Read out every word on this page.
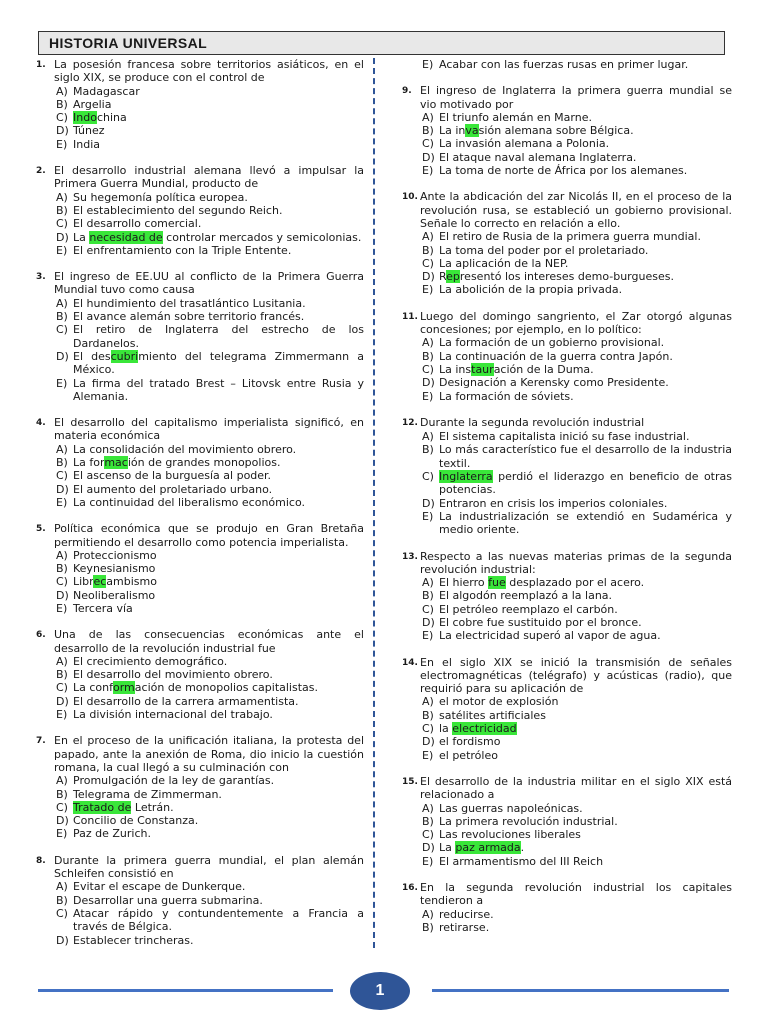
HISTORIA UNIVERSAL
1. La posesión francesa sobre territorios asiáticos, en el siglo XIX, se produce con el control de
A) Madagascar
B) Argelia
C) Indochina
D) Túnez
E) India
2. El desarrollo industrial alemana llevó a impulsar la Primera Guerra Mundial, producto de
A) Su hegemonía política europea.
B) El establecimiento del segundo Reich.
C) El desarrollo comercial.
D) La necesidad de controlar mercados y semicolonias.
E) El enfrentamiento con la Triple Entente.
3. El ingreso de EE.UU al conflicto de la Primera Guerra Mundial tuvo como causa
A) El hundimiento del trasatlántico Lusitania.
B) El avance alemán sobre territorio francés.
C) El retiro de Inglaterra del estrecho de los Dardanelos.
D) El descubrimiento del telegrama Zimmermann a México.
E) La firma del tratado Brest – Litovsk entre Rusia y Alemania.
4. El desarrollo del capitalismo imperialista significó, en materia económica
A) La consolidación del movimiento obrero.
B) La formación de grandes monopolios.
C) El ascenso de la burguesía al poder.
D) El aumento del proletariado urbano.
E) La continuidad del liberalismo económico.
5. Política económica que se produjo en Gran Bretaña permitiendo el desarrollo como potencia imperialista.
A) Proteccionismo
B) Keynesianismo
C) Librecambismo
D) Neoliberalismo
E) Tercera vía
6. Una de las consecuencias económicas ante el desarrollo de la revolución industrial fue
A) El crecimiento demográfico.
B) El desarrollo del movimiento obrero.
C) La conformación de monopolios capitalistas.
D) El desarrollo de la carrera armamentista.
E) La división internacional del trabajo.
7. En el proceso de la unificación italiana, la protesta del papado, ante la anexión de Roma, dio inicio la cuestión romana, la cual llegó a su culminación con
A) Promulgación de la ley de garantías.
B) Telegrama de Zimmerman.
C) Tratado de Letrán.
D) Concilio de Constanza.
E) Paz de Zurich.
8. Durante la primera guerra mundial, el plan alemán Schleifen consistió en
A) Evitar el escape de Dunkerque.
B) Desarrollar una guerra submarina.
C) Atacar rápido y contundentemente a Francia a través de Bélgica.
D) Establecer trincheras.
E) Acabar con las fuerzas rusas en primer lugar.
9. El ingreso de Inglaterra la primera guerra mundial se vio motivado por
A) El triunfo alemán en Marne.
B) La invasión alemana sobre Bélgica.
C) La invasión alemana a Polonia.
D) El ataque naval alemana Inglaterra.
E) La toma de norte de África por los alemanes.
10. Ante la abdicación del zar Nicolás II, en el proceso de la revolución rusa, se estableció un gobierno provisional. Señale lo correcto en relación a ello.
A) El retiro de Rusia de la primera guerra mundial.
B) La toma del poder por el proletariado.
C) La aplicación de la NEP.
D) Representó los intereses demo-burgueses.
E) La abolición de la propia privada.
11. Luego del domingo sangriento, el Zar otorgó algunas concesiones; por ejemplo, en lo político:
A) La formación de un gobierno provisional.
B) La continuación de la guerra contra Japón.
C) La instauración de la Duma.
D) Designación a Kerensky como Presidente.
E) La formación de sóviets.
12. Durante la segunda revolución industrial
A) El sistema capitalista inició su fase industrial.
B) Lo más característico fue el desarrollo de la industria textil.
C) Inglaterra perdió el liderazgo en beneficio de otras potencias.
D) Entraron en crisis los imperios coloniales.
E) La industrialización se extendió en Sudamérica y medio oriente.
13. Respecto a las nuevas materias primas de la segunda revolución industrial:
A) El hierro fue desplazado por el acero.
B) El algodón reemplazó a la lana.
C) El petróleo reemplazo el carbón.
D) El cobre fue sustituido por el bronce.
E) La electricidad superó al vapor de agua.
14. En el siglo XIX se inició la transmisión de señales electromagnéticas (telégrafo) y acústicas (radio), que requirió para su aplicación de
A) el motor de explosión
B) satélites artificiales
C) la electricidad
D) el fordismo
E) el petróleo
15. El desarrollo de la industria militar en el siglo XIX está relacionado a
A) Las guerras napoleónicas.
B) La primera revolución industrial.
C) Las revoluciones liberales
D) La paz armada.
E) El armamentismo del III Reich
16. En la segunda revolución industrial los capitales tendieron a
A) reducirse.
B) retirarse.
1
